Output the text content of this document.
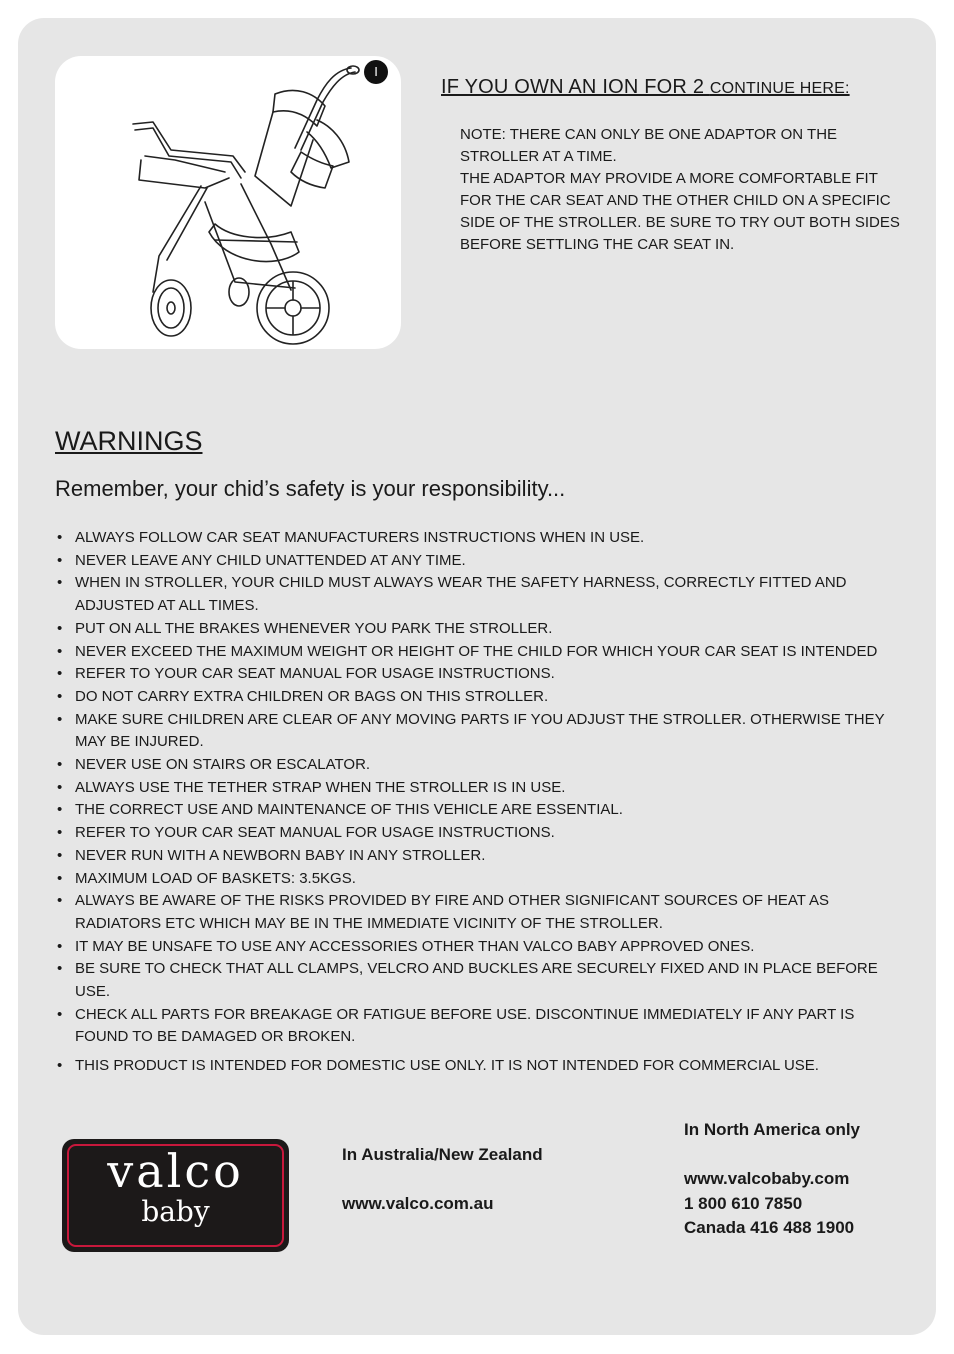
I
IF YOU OWN AN ION FOR 2 CONTINUE HERE:

NOTE: THERE CAN ONLY BE ONE ADAPTOR ON THE STROLLER AT A TIME.

THE ADAPTOR MAY PROVIDE A MORE COMFORTABLE FIT FOR THE CAR SEAT AND THE OTHER CHILD ON A SPECIFIC SIDE OF THE STROLLER. BE SURE TO TRY OUT BOTH SIDES BEFORE SETTLING THE CAR SEAT IN.

WARNINGS
Remember, your chid’s safety is your responsibility...
• ALWAYS FOLLOW CAR SEAT MANUFACTURERS INSTRUCTIONS WHEN IN USE.
• NEVER LEAVE ANY CHILD UNATTENDED AT ANY TIME.
• WHEN IN STROLLER, YOUR CHILD MUST ALWAYS WEAR THE SAFETY HARNESS, CORRECTLY FITTED AND ADJUSTED AT ALL TIMES.
• PUT ON ALL THE BRAKES WHENEVER YOU PARK THE STROLLER.
• NEVER EXCEED THE MAXIMUM WEIGHT OR HEIGHT OF THE CHILD FOR WHICH YOUR CAR SEAT IS INTENDED
• REFER TO YOUR CAR SEAT MANUAL FOR USAGE INSTRUCTIONS.
• DO NOT CARRY EXTRA CHILDREN OR BAGS ON THIS STROLLER.
• MAKE SURE CHILDREN ARE CLEAR OF ANY MOVING PARTS IF YOU ADJUST THE STROLLER. OTHERWISE THEY MAY BE INJURED.
• NEVER USE ON STAIRS OR ESCALATOR.
• ALWAYS USE THE TETHER STRAP WHEN THE STROLLER IS IN USE.
• THE CORRECT USE AND MAINTENANCE OF THIS VEHICLE ARE ESSENTIAL.
• REFER TO YOUR CAR SEAT MANUAL FOR USAGE INSTRUCTIONS.
• NEVER RUN WITH A NEWBORN BABY IN ANY STROLLER.
• MAXIMUM LOAD OF BASKETS: 3.5KGS.
• ALWAYS BE AWARE OF THE RISKS PROVIDED BY FIRE AND OTHER SIGNIFICANT SOURCES OF HEAT AS RADIATORS ETC WHICH MAY BE IN THE IMMEDIATE VICINITY OF THE STROLLER.
• IT MAY BE UNSAFE TO USE ANY ACCESSORIES OTHER THAN VALCO BABY APPROVED ONES.
• BE SURE TO CHECK THAT ALL CLAMPS, VELCRO AND BUCKLES ARE SECURELY FIXED AND IN PLACE BEFORE USE.
• CHECK ALL PARTS FOR BREAKAGE OR FATIGUE BEFORE USE. DISCONTINUE IMMEDIATELY IF ANY PART IS FOUND TO BE DAMAGED OR BROKEN.
• THIS PRODUCT IS INTENDED FOR DOMESTIC USE ONLY. IT IS NOT INTENDED FOR COMMERCIAL USE.
valco
baby
In Australia/New Zealand
www.valco.com.au
In North America only
www.valcobaby.com
1 800 610 7850
Canada 416 488 1900
